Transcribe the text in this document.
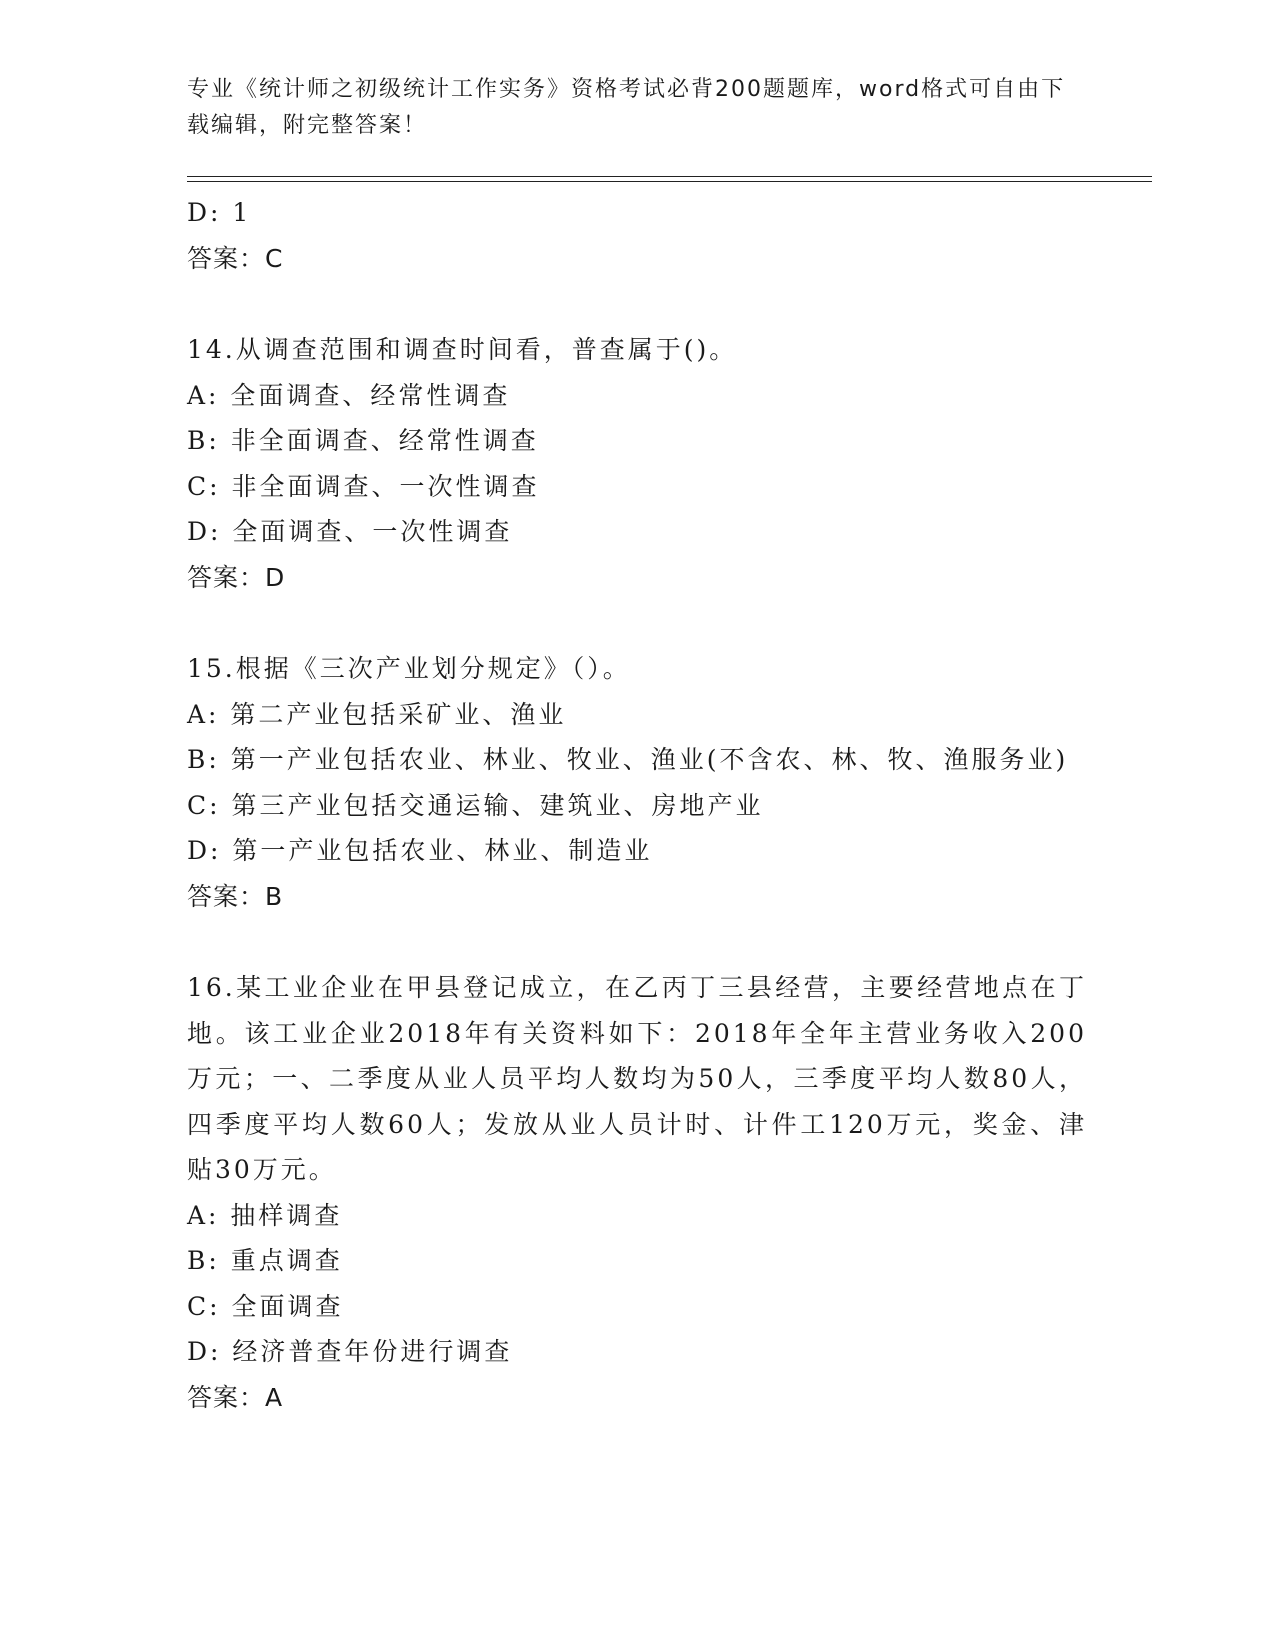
专业《统计师之初级统计工作实务》资格考试必背200题题库，word格式可自由下载编辑，附完整答案！
D: 1
答案：C
14.从调查范围和调查时间看，普查属于()。
A: 全面调查、经常性调查
B: 非全面调查、经常性调查
C: 非全面调查、一次性调查
D: 全面调查、一次性调查
答案：D
15.根据《三次产业划分规定》（）。
A: 第二产业包括采矿业、渔业
B: 第一产业包括农业、林业、牧业、渔业(不含农、林、牧、渔服务业)
C: 第三产业包括交通运输、建筑业、房地产业
D: 第一产业包括农业、林业、制造业
答案：B
16.某工业企业在甲县登记成立，在乙丙丁三县经营，主要经营地点在丁地。该工业企业2018年有关资料如下：2018年全年主营业务收入200万元；一、二季度从业人员平均人数均为50人，三季度平均人数80人，四季度平均人数60人；发放从业人员计时、计件工120万元，奖金、津贴30万元。
A: 抽样调查
B: 重点调查
C: 全面调查
D: 经济普查年份进行调查
答案：A
